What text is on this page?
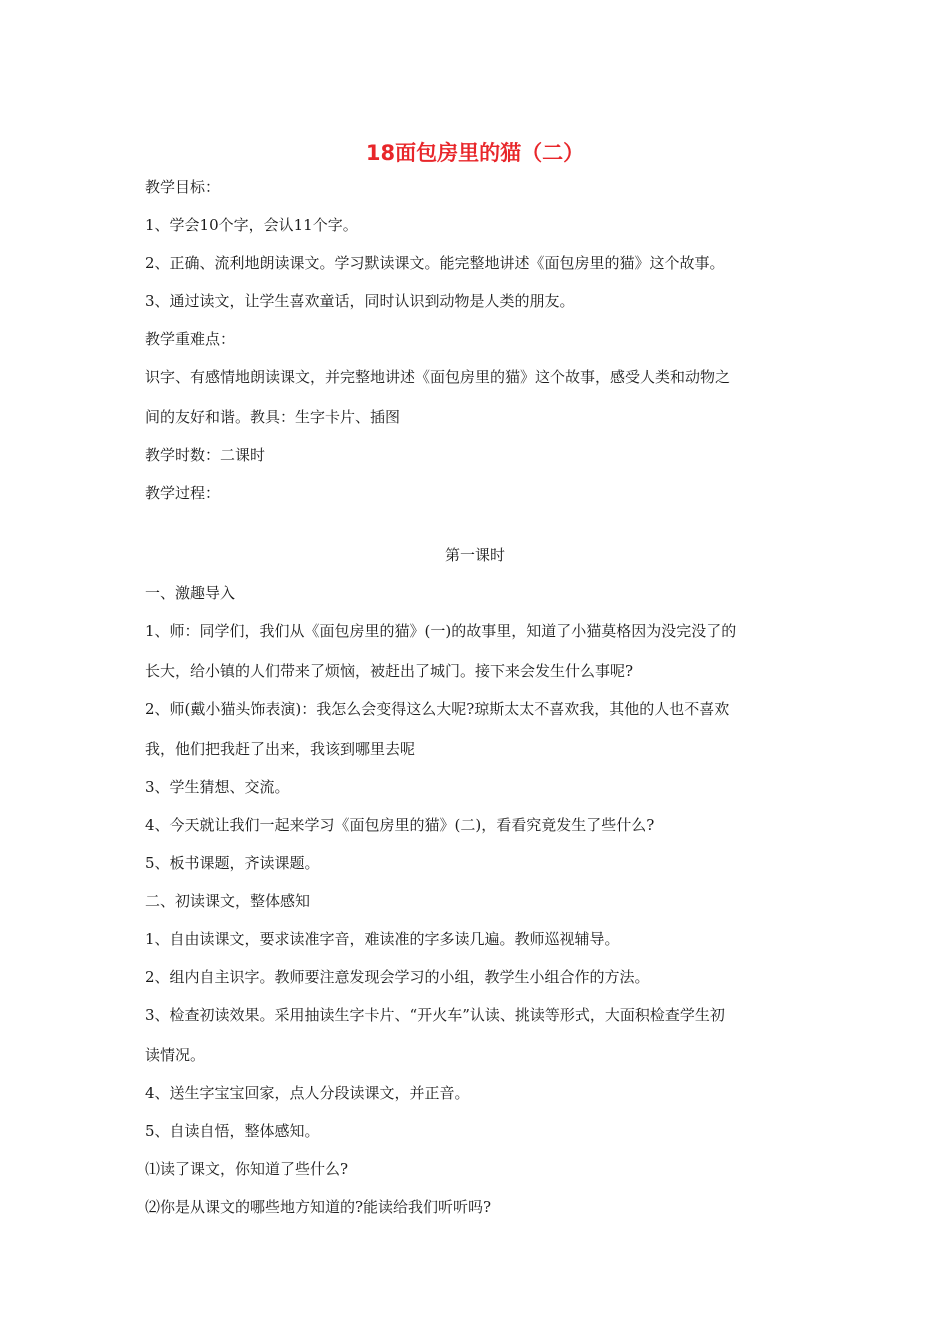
18面包房里的猫（二）
教学目标：
1、学会10个字，会认11个字。
2、正确、流利地朗读课文。学习默读课文。能完整地讲述《面包房里的猫》这个故事。
3、通过读文，让学生喜欢童话，同时认识到动物是人类的朋友。
教学重难点：
识字、有感情地朗读课文，并完整地讲述《面包房里的猫》这个故事，感受人类和动物之
间的友好和谐。教具：生字卡片、插图
教学时数：二课时
教学过程：
第一课时
一、激趣导入
1、师：同学们，我们从《面包房里的猫》(一)的故事里，知道了小猫莫格因为没完没了的
长大，给小镇的人们带来了烦恼，被赶出了城门。接下来会发生什么事呢?
2、师(戴小猫头饰表演)：我怎么会变得这么大呢?琼斯太太不喜欢我，其他的人也不喜欢
我，他们把我赶了出来，我该到哪里去呢
3、学生猜想、交流。
4、今天就让我们一起来学习《面包房里的猫》(二)，看看究竟发生了些什么?
5、板书课题，齐读课题。
二、初读课文，整体感知
1、自由读课文，要求读准字音，难读准的字多读几遍。教师巡视辅导。
2、组内自主识字。教师要注意发现会学习的小组，教学生小组合作的方法。
3、检查初读效果。采用抽读生字卡片、“开火车”认读、挑读等形式，大面积检查学生初
读情况。
4、送生字宝宝回家，点人分段读课文，并正音。
5、自读自悟，整体感知。
⑴读了课文，你知道了些什么?
⑵你是从课文的哪些地方知道的?能读给我们听听吗?
